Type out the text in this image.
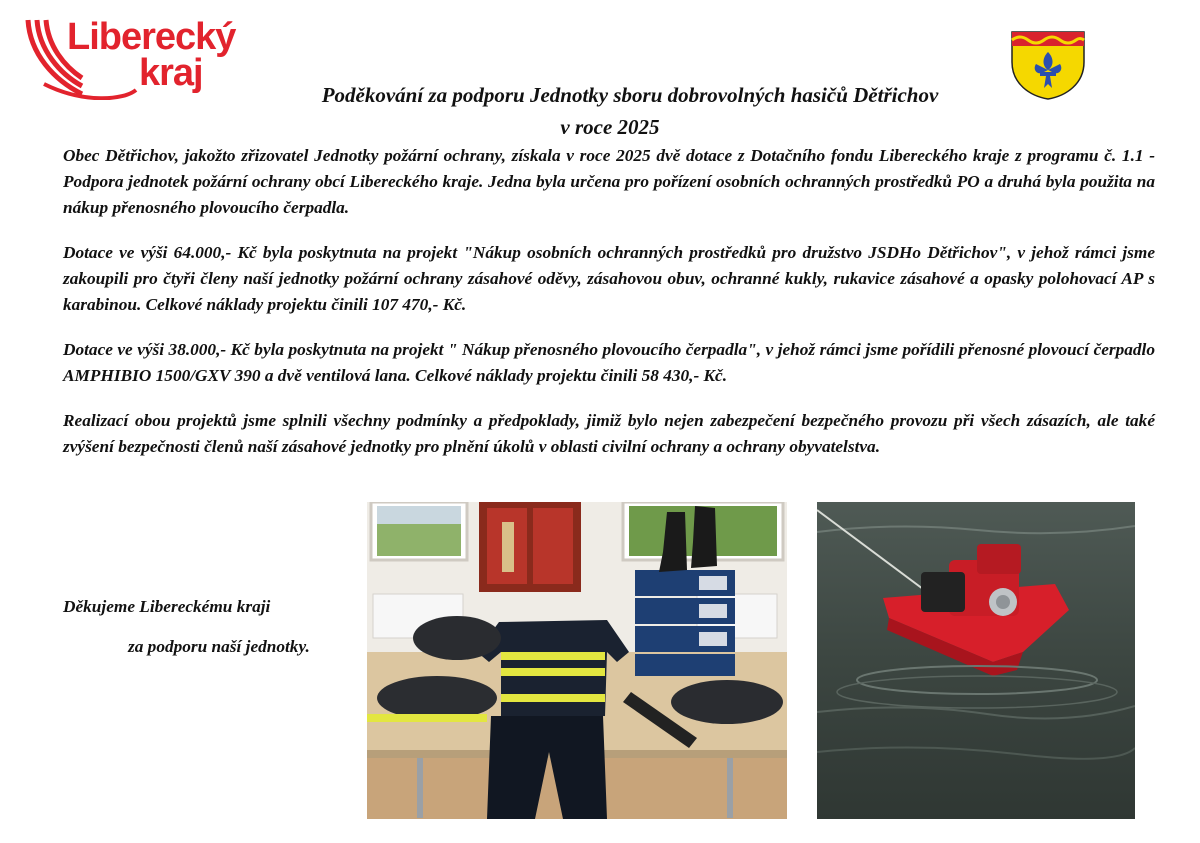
Liberecký
kraj
Poděkování za podporu Jednotky sboru dobrovolných hasičů Dětřichov
v roce 2025

Obec Dětřichov, jakožto zřizovatel Jednotky požární ochrany, získala v roce 2025 dvě dotace z Dotačního fondu Libereckého kraje z programu č. 1.1 - Podpora jednotek požární ochrany obcí Libereckého kraje. Jedna byla určena pro pořízení osobních ochranných prostředků PO a druhá byla použita na nákup přenosného plovoucího čerpadla.

Dotace ve výši 64.000,- Kč byla poskytnuta na projekt "Nákup osobních ochranných prostředků pro družstvo JSDHo Dětřichov", v jehož rámci jsme zakoupili pro čtyři členy naší jednotky požární ochrany zásahové oděvy, zásahovou obuv, ochranné kukly, rukavice zásahové a opasky polohovací AP s karabinou. Celkové náklady projektu činili 107 470,- Kč.

Dotace ve výši 38.000,- Kč byla poskytnuta na projekt " Nákup přenosného plovoucího čerpadla", v jehož rámci jsme pořídili přenosné plovoucí čerpadlo AMPHIBIO 1500/GXV 390 a dvě ventilová lana. Celkové náklady projektu činili 58 430,- Kč.

Realizací obou projektů jsme splnili všechny podmínky a předpoklady, jimiž bylo nejen zabezpečení bezpečného provozu při všech zásazích, ale také zvýšení bezpečnosti členů naší zásahové jednotky pro plnění úkolů v oblasti civilní ochrany a ochrany obyvatelstva.

Děkujeme Libereckému kraji
za podporu naší jednotky.
